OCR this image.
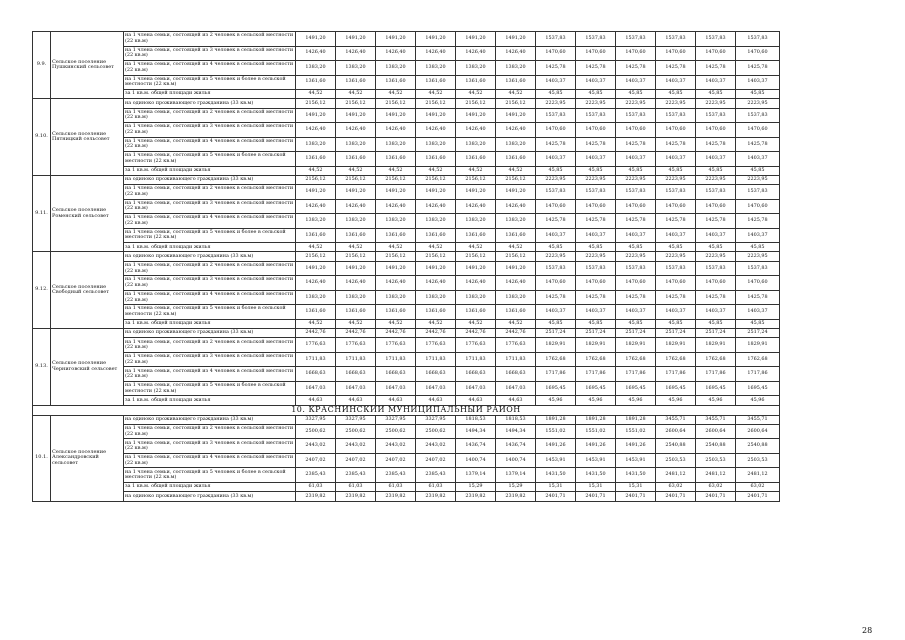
9.9.	Сельское поселение Пушкинский сельсовет	на 1 члена семьи, состоящей из 2 человек в сельской местности (22 кв.м)	1491,20	1491,20	1491,20	1491,20	1491,20	1491,20	1537,83	1537,83	1537,83	1537,83	1537,83	1537,83
		на 1 члена семьи, состоящей из 3 человек в сельской местности (22 кв.м)	1426,40	1426,40	1426,40	1426,40	1426,40	1426,40	1470,60	1470,60	1470,60	1470,60	1470,60	1470,60
		на 1 члена семьи, состоящей из 4 человек в сельской местности (22 кв.м)	1383,20	1383,20	1383,20	1383,20	1383,20	1383,20	1425,78	1425,78	1425,78	1425,78	1425,78	1425,78
		на 1 члена семьи, состоящей из 5 человек и более в сельской местности (22 кв.м)	1361,60	1361,60	1361,60	1361,60	1361,60	1361,60	1403,37	1403,37	1403,37	1403,37	1403,37	1403,37
		за 1 кв.м. общей площади жилья	44,52	44,52	44,52	44,52	44,52	44,52	45,85	45,85	45,85	45,85	45,85	45,85
9.10.	Сельское поселение Пятницкий сельсовет	на одиноко проживающего гражданина (33 кв.м)	2156,12	2156,12	2156,12	2156,12	2156,12	2156,12	2223,95	2223,95	2223,95	2223,95	2223,95	2223,95
		на 1 члена семьи, состоящей из 2 человек в сельской местности (22 кв.м)	1491,20	1491,20	1491,20	1491,20	1491,20	1491,20	1537,83	1537,83	1537,83	1537,83	1537,83	1537,83
		на 1 члена семьи, состоящей из 3 человек в сельской местности (22 кв.м)	1426,40	1426,40	1426,40	1426,40	1426,40	1426,40	1470,60	1470,60	1470,60	1470,60	1470,60	1470,60
		на 1 члена семьи, состоящей из 4 человек в сельской местности (22 кв.м)	1383,20	1383,20	1383,20	1383,20	1383,20	1383,20	1425,78	1425,78	1425,78	1425,78	1425,78	1425,78
		на 1 члена семьи, состоящей из 5 человек и более в сельской местности (22 кв.м)	1361,60	1361,60	1361,60	1361,60	1361,60	1361,60	1403,37	1403,37	1403,37	1403,37	1403,37	1403,37
		за 1 кв.м. общей площади жилья	44,52	44,52	44,52	44,52	44,52	44,52	45,85	45,85	45,85	45,85	45,85	45,85
9.11.	Сельское поселение Роменский сельсовет	на одиноко проживающего гражданина (33 кв.м)	2156,12	2156,12	2156,12	2156,12	2156,12	2156,12	2223,95	2223,95	2223,95	2223,95	2223,95	2223,95
		на 1 члена семьи, состоящей из 2 человек в сельской местности (22 кв.м)	1491,20	1491,20	1491,20	1491,20	1491,20	1491,20	1537,83	1537,83	1537,83	1537,83	1537,83	1537,83
		на 1 члена семьи, состоящей из 3 человек в сельской местности (22 кв.м)	1426,40	1426,40	1426,40	1426,40	1426,40	1426,40	1470,60	1470,60	1470,60	1470,60	1470,60	1470,60
		на 1 члена семьи, состоящей из 4 человек в сельской местности (22 кв.м)	1383,20	1383,20	1383,20	1383,20	1383,20	1383,20	1425,78	1425,78	1425,78	1425,78	1425,78	1425,78
		на 1 члена семьи, состоящей из 5 человек и более в сельской местности (22 кв.м)	1361,60	1361,60	1361,60	1361,60	1361,60	1361,60	1403,37	1403,37	1403,37	1403,37	1403,37	1403,37
		за 1 кв.м. общей площади жилья	44,52	44,52	44,52	44,52	44,52	44,52	45,85	45,85	45,85	45,85	45,85	45,85
9.12.	Сельское поселение Свободный сельсовет	на одиноко проживающего гражданина (33 кв.м)	2156,12	2156,12	2156,12	2156,12	2156,12	2156,12	2223,95	2223,95	2223,95	2223,95	2223,95	2223,95
		на 1 члена семьи, состоящей из 2 человек в сельской местности (22 кв.м)	1491,20	1491,20	1491,20	1491,20	1491,20	1491,20	1537,83	1537,83	1537,83	1537,83	1537,83	1537,83
		на 1 члена семьи, состоящей из 3 человек в сельской местности (22 кв.м)	1426,40	1426,40	1426,40	1426,40	1426,40	1426,40	1470,60	1470,60	1470,60	1470,60	1470,60	1470,60
		на 1 члена семьи, состоящей из 4 человек в сельской местности (22 кв.м)	1383,20	1383,20	1383,20	1383,20	1383,20	1383,20	1425,78	1425,78	1425,78	1425,78	1425,78	1425,78
		на 1 члена семьи, состоящей из 5 человек и более в сельской местности (22 кв.м)	1361,60	1361,60	1361,60	1361,60	1361,60	1361,60	1403,37	1403,37	1403,37	1403,37	1403,37	1403,37
		за 1 кв.м. общей площади жилья	44,52	44,52	44,52	44,52	44,52	44,52	45,85	45,85	45,85	45,85	45,85	45,85
9.13.	Сельское поселение Черниговский сельсовет	на одиноко проживающего гражданина (33 кв.м)	2442,76	2442,76	2442,76	2442,76	2442,76	2442,76	2517,24	2517,24	2517,24	2517,24	2517,24	2517,24
		на 1 члена семьи, состоящей из 2 человек в сельской местности (22 кв.м)	1776,63	1776,63	1776,63	1776,63	1776,63	1776,63	1829,91	1829,91	1829,91	1829,91	1829,91	1829,91
		на 1 члена семьи, состоящей из 3 человек в сельской местности (22 кв.м)	1711,83	1711,83	1711,83	1711,83	1711,83	1711,83	1762,68	1762,68	1762,68	1762,68	1762,68	1762,68
		на 1 члена семьи, состоящей из 4 человек в сельской местности (22 кв.м)	1668,63	1668,63	1668,63	1668,63	1668,63	1668,63	1717,86	1717,86	1717,86	1717,86	1717,86	1717,86
		на 1 члена семьи, состоящей из 5 человек и более в сельской местности (22 кв.м)	1647,03	1647,03	1647,03	1647,03	1647,03	1647,03	1695,45	1695,45	1695,45	1695,45	1695,45	1695,45
		за 1 кв.м. общей площади жилья	44,63	44,63	44,63	44,63	44,63	44,63	45,96	45,96	45,96	45,96	45,96	45,96
10. КРАСНИНСКИЙ МУНИЦИПАЛЬНЫЙ РАЙОН														
10.1.	Сельское поселение Александровский сельсовет	на одиноко проживающего гражданина (33 кв.м)	3327,95	3327,95	3327,95	3327,95	1818,53	1818,53	1891,28	1891,28	1891,28	3455,71	3455,71	3455,71
		на 1 члена семьи, состоящей из 2 человек в сельской местности (22 кв.м)	2500,62	2500,62	2500,62	2500,62	1494,34	1494,34	1551,02	1551,02	1551,02	2600,64	2600,64	2600,64
		на 1 члена семьи, состоящей из 3 человек в сельской местности (22 кв.м)	2443,02	2443,02	2443,02	2443,02	1436,74	1436,74	1491,26	1491,26	1491,26	2540,88	2540,88	2540,88
		на 1 члена семьи, состоящей из 4 человек в сельской местности (22 кв.м)	2407,02	2407,02	2407,02	2407,02	1400,74	1400,74	1453,91	1453,91	1453,91	2503,53	2503,53	2503,53
		на 1 члена семьи, состоящей из 5 человек и более в сельской местности (22 кв.м)	2385,43	2385,43	2385,43	2385,43	1379,14	1379,14	1431,50	1431,50	1431,50	2481,12	2481,12	2481,12
		за 1 кв.м. общей площади жилья	61,03	61,03	61,03	61,03	15,29	15,29	15,31	15,31	15,31	63,02	63,02	63,02
		на одиноко проживающего гражданина (33 кв.м)	2319,82	2319,82	2319,82	2319,82	2319,82	2319,82	2401,71	2401,71	2401,71	2401,71	2401,71	2401,71
28
